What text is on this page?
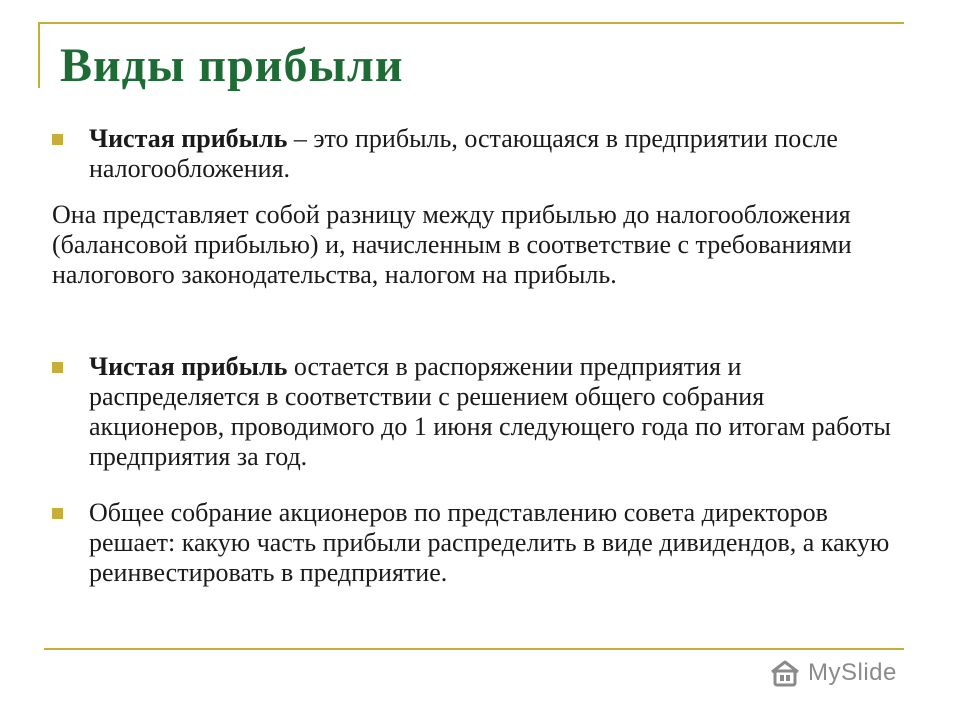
Виды прибыли
Чистая прибыль – это прибыль, остающаяся в предприятии после налогообложения.
Она представляет собой разницу между прибылью до налогообложения (балансовой прибылью) и, начисленным в соответствие с требованиями налогового законодательства, налогом на прибыль.
Чистая прибыль остается в распоряжении предприятия и распределяется в соответствии с решением общего собрания акционеров, проводимого до 1 июня следующего года по итогам работы предприятия за год.
Общее собрание акционеров по представлению совета директоров решает: какую часть прибыли распределить в виде дивидендов, а какую реинвестировать в предприятие.
MySlide
